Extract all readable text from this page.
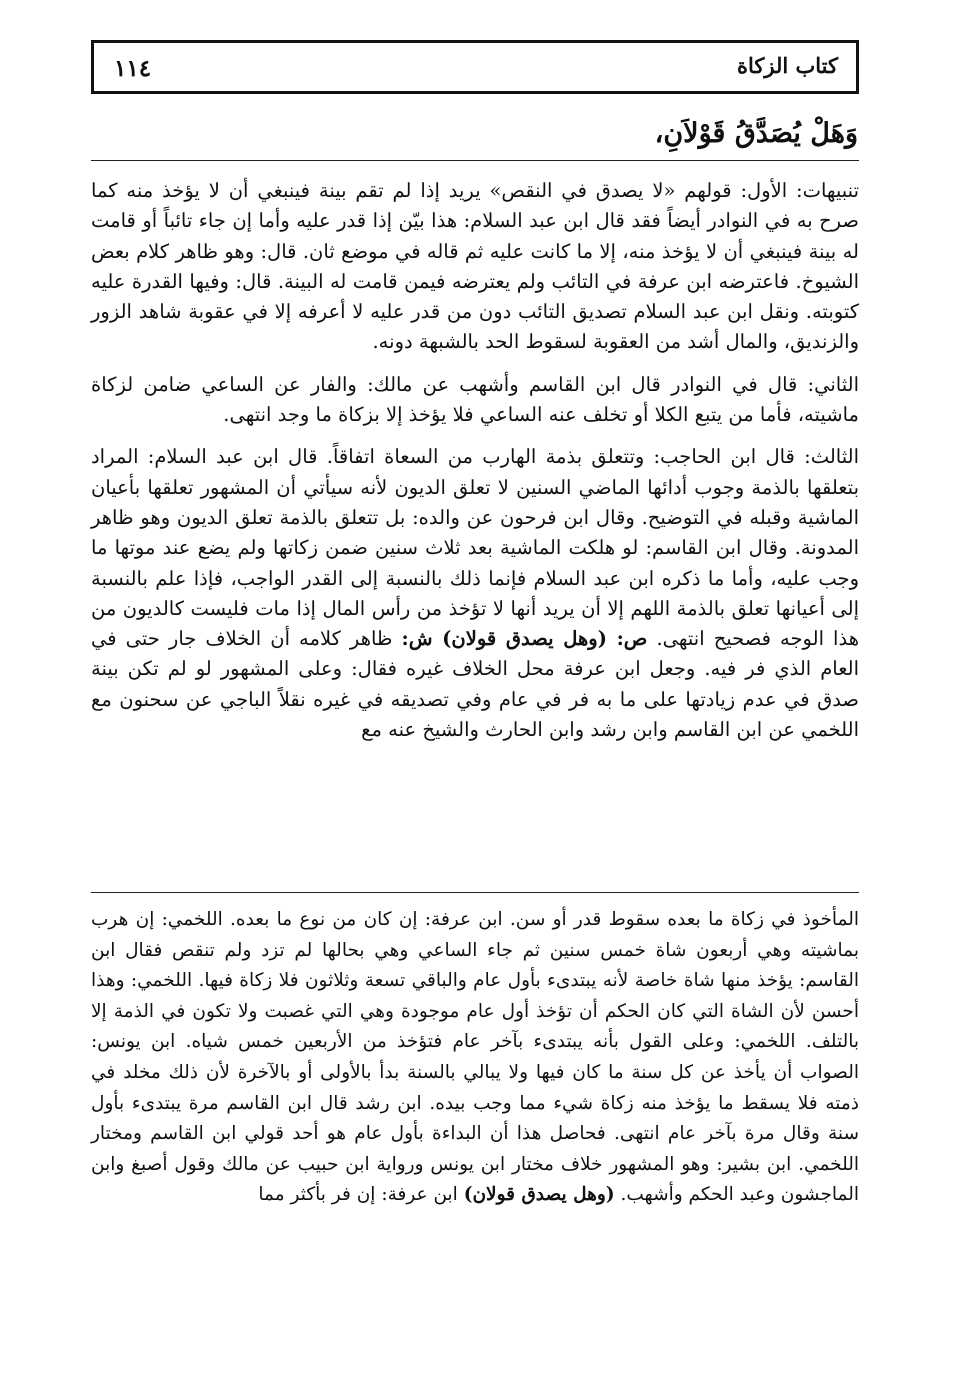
كتاب الزكاة
١١٤
وَهَلْ يُصَدَّقُ قَوْلاَنِ،

تنبيهات: الأول: قولهم «لا يصدق في النقص» يريد إذا لم تقم بينة فينبغي أن لا يؤخذ منه كما صرح به في النوادر أيضاً فقد قال ابن عبد السلام: هذا بيّن إذا قدر عليه وأما إن جاء تائباً أو قامت له بينة فينبغي أن لا يؤخذ منه، إلا ما كانت عليه ثم قاله في موضع ثان. قال: وهو ظاهر كلام بعض الشيوخ. فاعترضه ابن عرفة في التائب ولم يعترضه فيمن قامت له البينة. قال: وفيها القدرة عليه كتوبته. ونقل ابن عبد السلام تصديق التائب دون من قدر عليه لا أعرفه إلا في عقوبة شاهد الزور والزنديق، والمال أشد من العقوبة لسقوط الحد بالشبهة دونه.

الثاني: قال في النوادر قال ابن القاسم وأشهب عن مالك: والفار عن الساعي ضامن لزكاة ماشيته، فأما من يتبع الكلا أو تخلف عنه الساعي فلا يؤخذ إلا بزكاة ما وجد انتهى.

الثالث: قال ابن الحاجب: وتتعلق بذمة الهارب من السعاة اتفاقاً. قال ابن عبد السلام: المراد بتعلقها بالذمة وجوب أدائها الماضي السنين لا تعلق الديون لأنه سيأتي أن المشهور تعلقها بأعيان الماشية وقبله في التوضيح. وقال ابن فرحون عن والده: بل تتعلق بالذمة تعلق الديون وهو ظاهر المدونة. وقال ابن القاسم: لو هلكت الماشية بعد ثلاث سنين ضمن زكاتها ولم يضع عند موتها ما وجب عليه، وأما ما ذكره ابن عبد السلام فإنما ذلك بالنسبة إلى القدر الواجب، فإذا علم بالنسبة إلى أعيانها تعلق بالذمة اللهم إلا أن يريد أنها لا تؤخذ من رأس المال إذا مات فليست كالديون من هذا الوجه فصحيح انتهى. ص: (وهل يصدق قولان) ش: ظاهر كلامه أن الخلاف جار حتى في العام الذي فر فيه. وجعل ابن عرفة محل الخلاف غيره فقال: وعلى المشهور لو لم تكن بينة صدق في عدم زيادتها على ما به فر في عام وفي تصديقه في غيره نقلاً الباجي عن سحنون مع اللخمي عن ابن القاسم وابن رشد وابن الحارث والشيخ عنه مع

المأخوذ في زكاة ما بعده سقوط قدر أو سن. ابن عرفة: إن كان من نوع ما بعده. اللخمي: إن هرب بماشيته وهي أربعون شاة خمس سنين ثم جاء الساعي وهي بحالها لم تزد ولم تنقص فقال ابن القاسم: يؤخذ منها شاة خاصة لأنه يبتدىء بأول عام والباقي تسعة وثلاثون فلا زكاة فيها. اللخمي: وهذا أحسن لأن الشاة التي كان الحكم أن تؤخذ أول عام موجودة وهي التي غصبت ولا تكون في الذمة إلا بالتلف. اللخمي: وعلى القول بأنه يبتدىء بآخر عام فتؤخذ من الأربعين خمس شياه. ابن يونس: الصواب أن يأخذ عن كل سنة ما كان فيها ولا يبالي بالسنة بدأ بالأولى أو بالآخرة لأن ذلك مخلد في ذمته فلا يسقط ما يؤخذ منه زكاة شيء مما وجب بيده. ابن رشد قال ابن القاسم مرة يبتدىء بأول سنة وقال مرة بآخر عام انتهى. فحاصل هذا أن البداءة بأول عام هو أحد قولي ابن القاسم ومختار اللخمي. ابن بشير: وهو المشهور خلاف مختار ابن يونس ورواية ابن حبيب عن مالك وقول أصبغ وابن الماجشون وعبد الحكم وأشهب. (وهل يصدق قولان) ابن عرفة: إن فر بأكثر مما
